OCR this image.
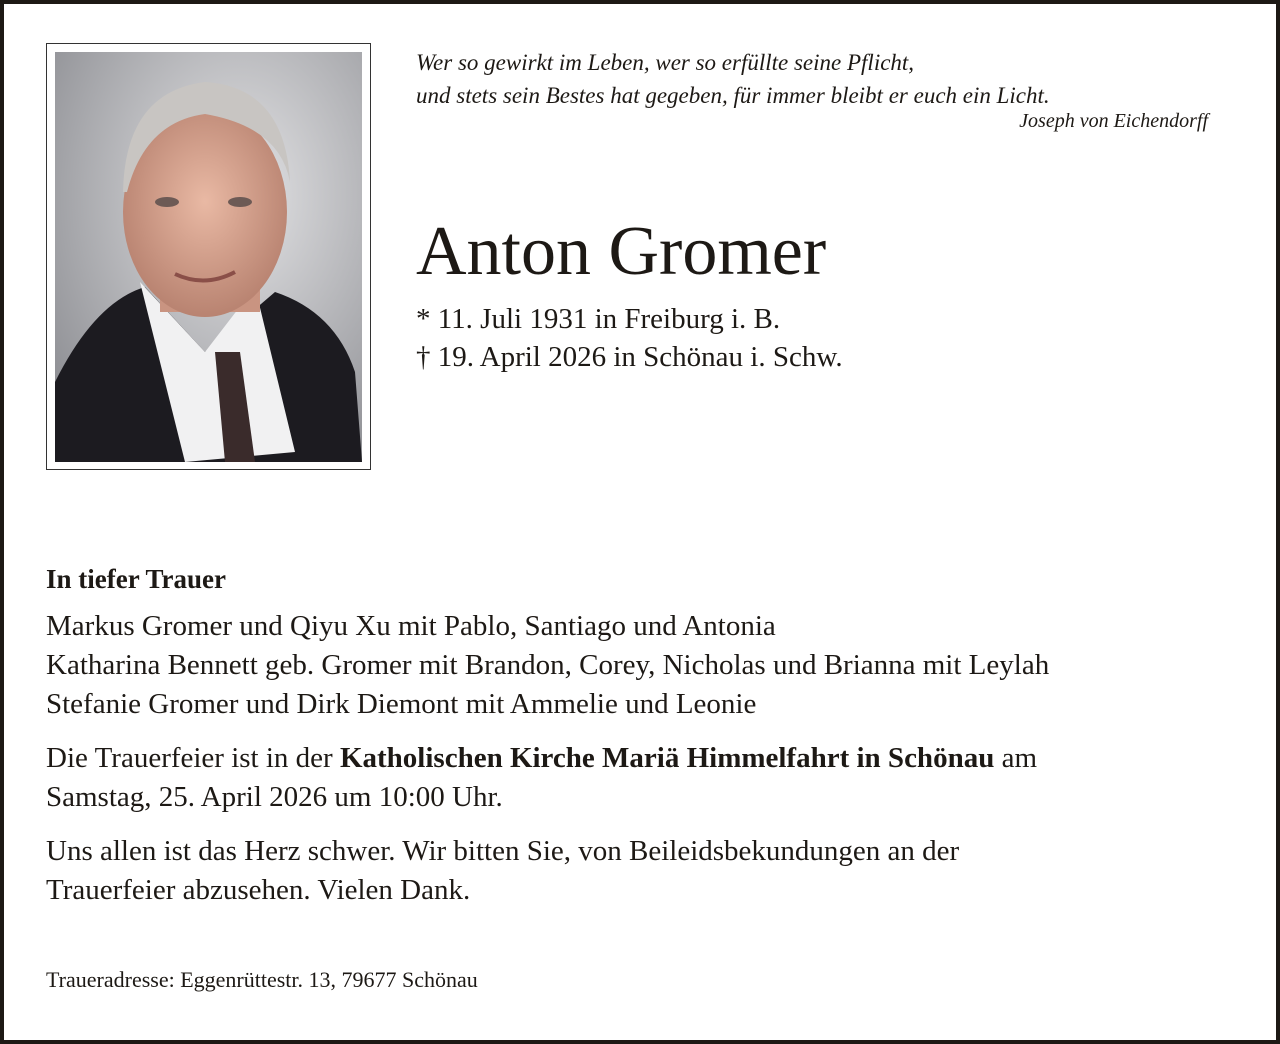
Wer so gewirkt im Leben, wer so erfüllte seine Pflicht,
und stets sein Bestes hat gegeben, für immer bleibt er euch ein Licht.
Joseph von Eichendorff
Anton Gromer
* 11. Juli 1931 in Freiburg i. B.
† 19. April 2026 in Schönau i. Schw.

In tiefer Trauer

Markus Gromer und Qiyu Xu mit Pablo, Santiago und Antonia

Katharina Bennett geb. Gromer mit Brandon, Corey, Nicholas und Brianna mit Leylah

Stefanie Gromer und Dirk Diemont mit Ammelie und Leonie

Die Trauerfeier ist in der Katholischen Kirche Mariä Himmelfahrt in Schönau am

Samstag, 25. April 2026 um 10:00 Uhr.

Uns allen ist das Herz schwer. Wir bitten Sie, von Beileidsbekundungen an der

Trauerfeier abzusehen. Vielen Dank.

Traueradresse: Eggenrüttestr. 13, 79677 Schönau
